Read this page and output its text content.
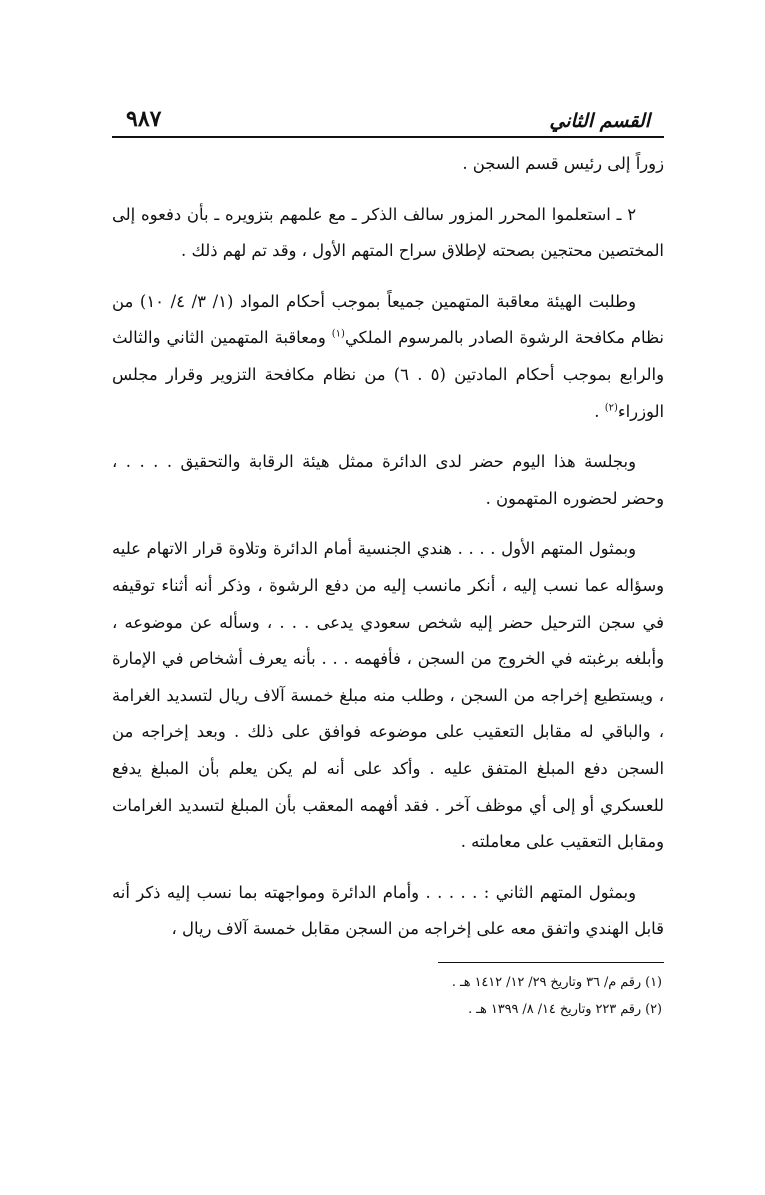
القسم الثاني
٩٨٧

زوراً إلى رئيس قسم السجن .

٢ ـ استعلموا المحرر المزور سالف الذكر ـ مع علمهم بتزويره ـ بأن دفعوه إلى المختصين محتجين بصحته لإطلاق سراح المتهم الأول ، وقد تم لهم ذلك .

وطلبت الهيئة معاقبة المتهمين جميعاً بموجب أحكام المواد (١/ ٣/ ٤/ ١٠) من نظام مكافحة الرشوة الصادر بالمرسوم الملكي$^{(١)}$ ومعاقبة المتهمين الثاني والثالث والرابع بموجب أحكام المادتين (٥ . ٦) من نظام مكافحة التزوير وقرار مجلس الوزراء$^{(٢)}$ .

وبجلسة هذا اليوم حضر لدى الدائرة ممثل هيئة الرقابة والتحقيق . . . . ، وحضر لحضوره المتهمون .

وبمثول المتهم الأول . . . . هندي الجنسية أمام الدائرة وتلاوة قرار الاتهام عليه وسؤاله عما نسب إليه ، أنكر مانسب إليه من دفع الرشوة ، وذكر أنه أثناء توقيفه في سجن الترحيل حضر إليه شخص سعودي يدعى . . . ، وسأله عن موضوعه ، وأبلغه برغبته في الخروج من السجن ، فأفهمه . . . بأنه يعرف أشخاص في الإمارة ، ويستطيع إخراجه من السجن ، وطلب منه مبلغ خمسة آلاف ريال لتسديد الغرامة ، والباقي له مقابل التعقيب على موضوعه فوافق على ذلك . وبعد إخراجه من السجن دفع المبلغ المتفق عليه . وأكد على أنه لم يكن يعلم بأن المبلغ يدفع للعسكري أو إلى أي موظف آخر . فقد أفهمه المعقب بأن المبلغ لتسديد الغرامات ومقابل التعقيب على معاملته .

وبمثول المتهم الثاني : . . . . . وأمام الدائرة ومواجهته بما نسب إليه ذكر أنه قابل الهندي واتفق معه على إخراجه من السجن مقابل خمسة آلاف ريال ،

(١) رقم م/ ٣٦ وتاريخ ٢٩/ ١٢/ ١٤١٢ هـ .
(٢) رقم ٢٢٣ وتاريخ ١٤/ ٨/ ١٣٩٩ هـ .
